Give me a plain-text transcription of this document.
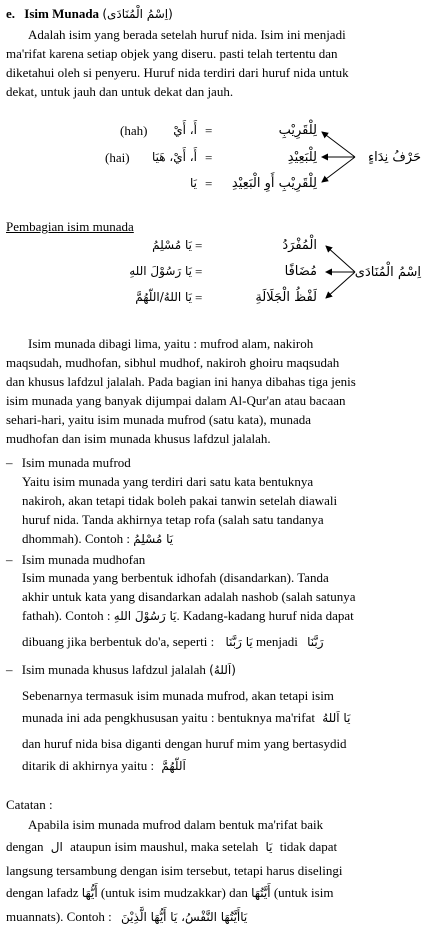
e. Isim Munada (اِسْمُ الْمُنَادَى)
Adalah isim yang berada setelah huruf nida. Isim ini menjadi
ma'rifat karena setiap objek yang diseru. pasti telah tertentu dan
diketahui oleh si penyeru. Huruf nida terdiri dari huruf nida untuk
dekat, untuk jauh dan untuk dekat dan jauh.
(hah) أَ، أَيْ =	لِلْقَرِيْبِ
(hai) أَ، أَيْ، هَيَا =	لِلْبَعِيْدِ
يَا = لِلْقَرِيْبِ أَوِ الْبَعِيْدِ
حَرْفُ نِدَاءٍ
Pembagian isim munada
يَا مُسْلِمُ =	الْمُفْرَدُ
يَا رَسُوْلَ اللهِ =	مُضَافًا
يَا اللهُ/اللّهُمَّ =	لَفْظُ الْجَلَالَةِ
اِسْمُ الْمُنَادَى
Isim munada dibagi lima, yaitu : mufrod alam, nakiroh
maqsudah, mudhofan, sibhul mudhof, nakiroh ghoiru maqsudah
dan khusus lafdzul jalalah. Pada bagian ini hanya dibahas tiga jenis
isim munada yang banyak dijumpai dalam Al-Qur'an atau bacaan
sehari-hari, yaitu isim munada mufrod (satu kata), munada
mudhofan dan isim munada khusus lafdzul jalalah.
– Isim munada mufrod
Yaitu isim munada yang terdiri dari satu kata bentuknya
nakiroh, akan tetapi tidak boleh pakai tanwin setelah diawali
huruf nida. Tanda akhirnya tetap rofa (salah satu tandanya
dhommah). Contoh : يَا مُسْلِمُ
– Isim munada mudhofan
Isim munada yang berbentuk idhofah (disandarkan). Tanda
akhir untuk kata yang disandarkan adalah nashob (salah satunya
fathah). Contoh : يَا رَسُوْلَ اللهِ. Kadang-kadang huruf nida dapat
dibuang jika berbentuk do'a, seperti : يَا رَبَّنَا menjadi رَبَّنَا
– Isim munada khusus lafdzul jalalah (اَللهُ)
Sebenarnya termasuk isim munada mufrod, akan tetapi isim
munada ini ada pengkhususan yaitu : bentuknya ma'rifat يَا اَللهُ
dan huruf nida bisa diganti dengan huruf mim yang bertasydid
ditarik di akhirnya yaitu : اَللّهُمَّ
Catatan :
Apabila isim munada mufrod dalam bentuk ma'rifat baik
dengan ال ataupun isim maushul, maka setelah يَا tidak dapat
langsung tersambung dengan isim tersebut, tetapi harus diselingi
dengan lafadz أَيُّهَا (untuk isim mudzakkar) dan أَيَّتُهَا (untuk isim
muannats). Contoh : يَاأَيَّتُهَا النَّفْسُ، يَا أَيُّهَا الَّذِيْنَ
